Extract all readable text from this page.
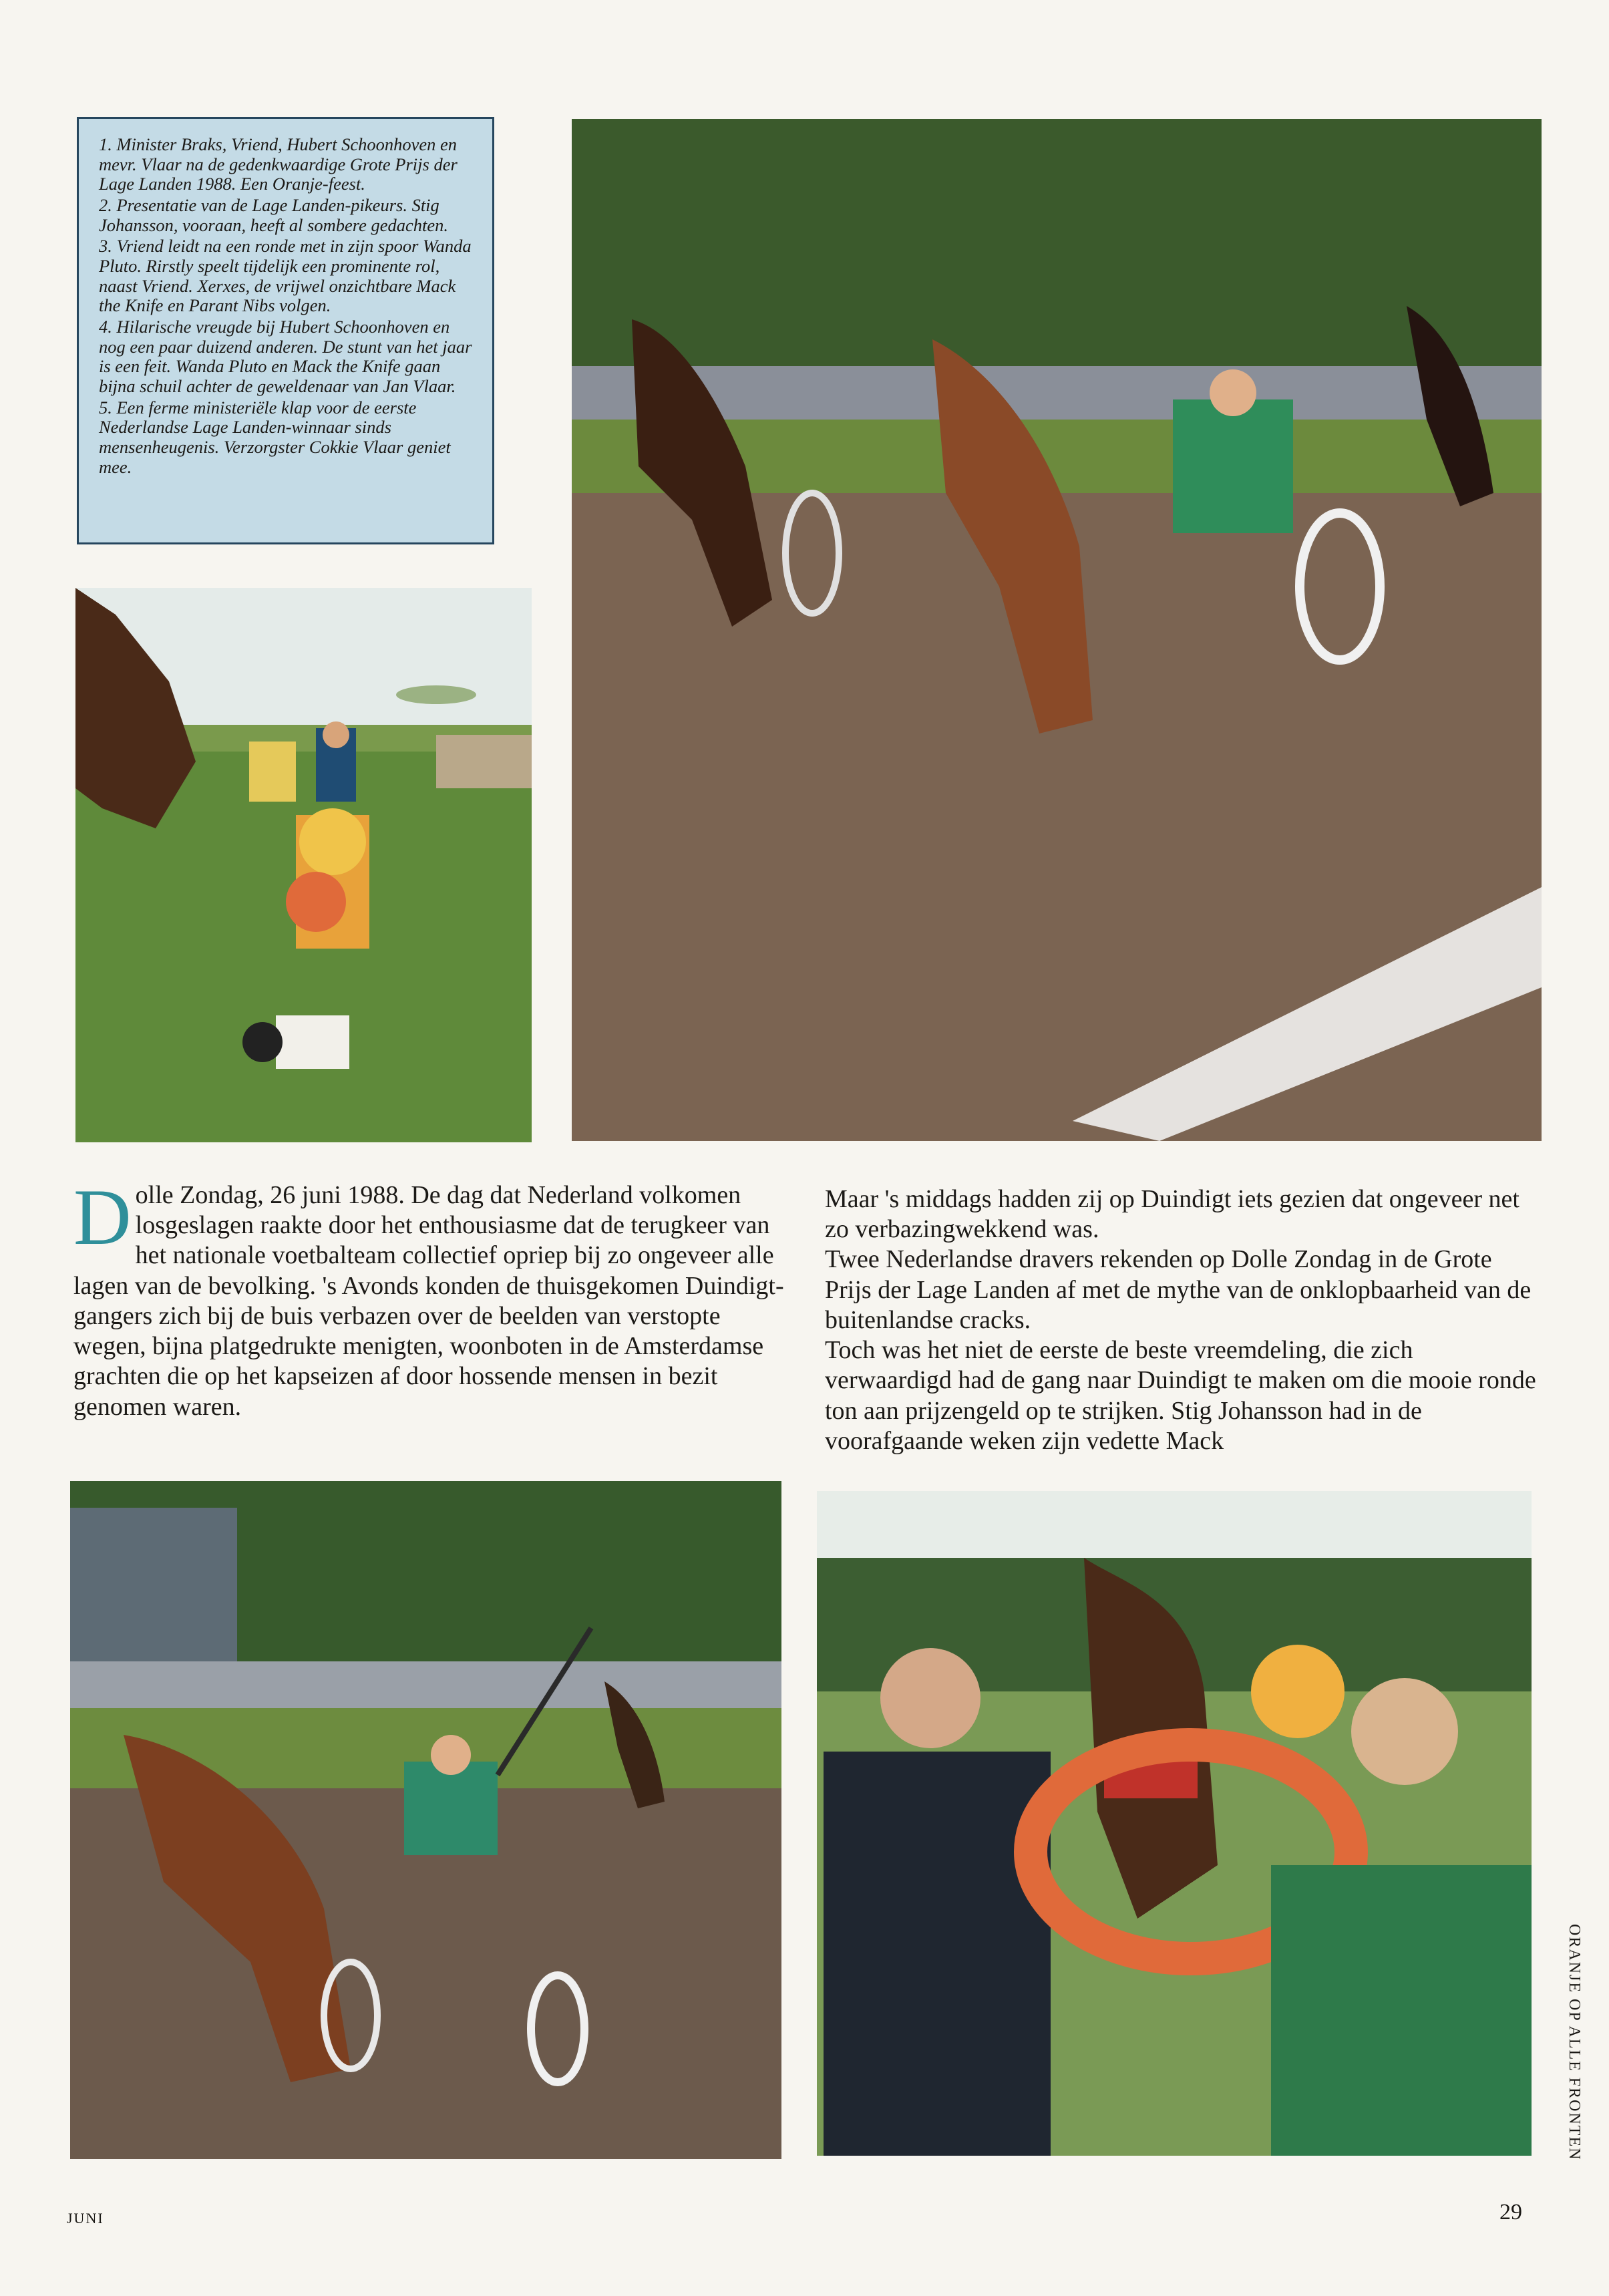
1. Minister Braks, Vriend, Hubert Schoonhoven en mevr. Vlaar na de gedenkwaardige Grote Prijs der Lage Landen 1988. Een Oranje-feest.

2. Presentatie van de Lage Landen-pikeurs. Stig Johansson, vooraan, heeft al sombere gedachten.

3. Vriend leidt na een ronde met in zijn spoor Wanda Pluto. Rirstly speelt tijdelijk een prominente rol, naast Vriend. Xerxes, de vrijwel onzichtbare Mack the Knife en Parant Nibs volgen.

4. Hilarische vreugde bij Hubert Schoonhoven en nog een paar duizend anderen. De stunt van het jaar is een feit. Wanda Pluto en Mack the Knife gaan bijna schuil achter de geweldenaar van Jan Vlaar.

5. Een ferme ministeriële klap voor de eerste Nederlandse Lage Landen-winnaar sinds mensenheugenis. Verzorgster Cokkie Vlaar geniet mee.

Dolle Zondag, 26 juni 1988. De dag dat Nederland volkomen losgeslagen raakte door het enthousiasme dat de terugkeer van het nationale voetbalteam collectief opriep bij zo ongeveer alle lagen van de bevolking. 's Avonds konden de thuisgekomen Duindigt-gangers zich bij de buis verbazen over de beelden van verstopte wegen, bijna platgedrukte menigten, woonboten in de Amsterdamse grachten die op het kapseizen af door hossende mensen in bezit genomen waren.

Maar 's middags hadden zij op Duindigt iets gezien dat ongeveer net zo verbazingwekkend was.

Twee Nederlandse dravers rekenden op Dolle Zondag in de Grote Prijs der Lage Landen af met de mythe van de onklopbaarheid van de buitenlandse cracks.

Toch was het niet de eerste de beste vreemdeling, die zich verwaardigd had de gang naar Duindigt te maken om die mooie ronde ton aan prijzengeld op te strijken. Stig Johansson had in de voorafgaande weken zijn vedette Mack

JUNI	29
ORANJE OP ALLE FRONTEN
